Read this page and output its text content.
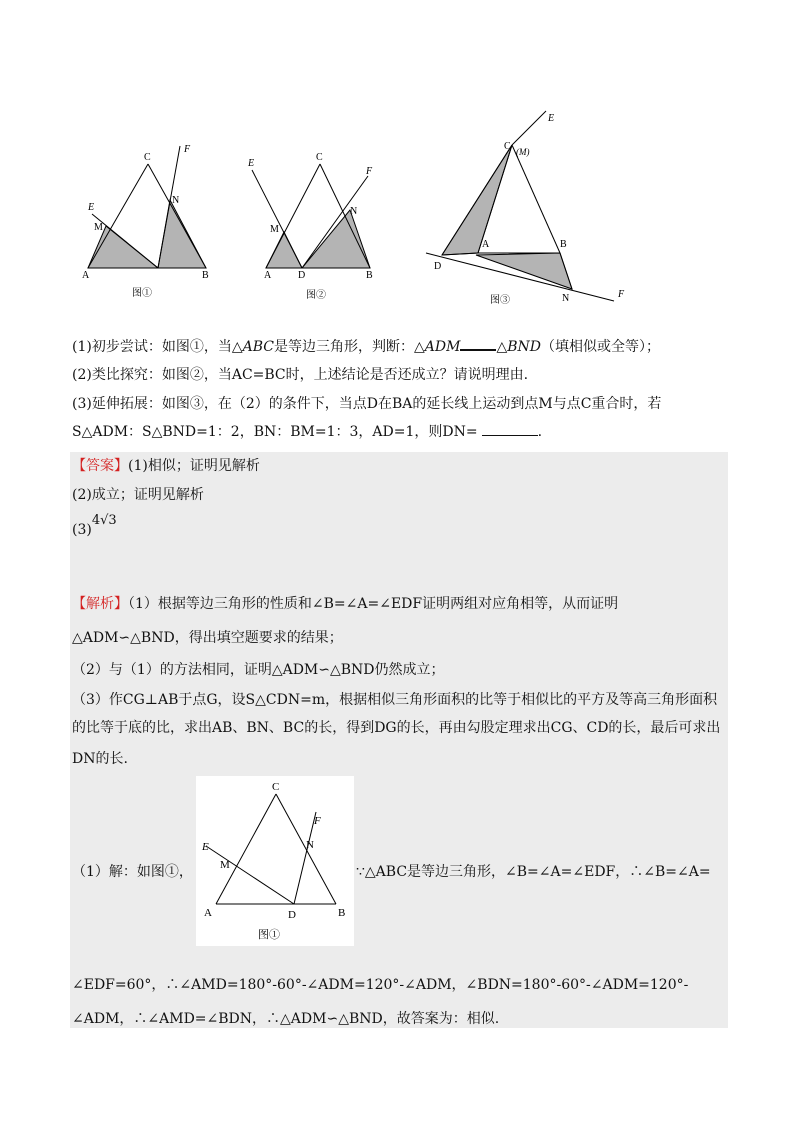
C
F
E
M
N
A	B
图①
C
F
E
M
N
A	D	B
图②
C (M)
E
A	B
D
N	F
图③
(1)初步尝试：如图①，当△ABC是等边三角形，判断：△ADM	△BND（填相似或全等）；
(2)类比探究：如图②，当AC=BC时，上述结论是否还成立？请说明理由.
(3)延伸拓展：如图③，在（2）的条件下，当点D在BA的延长线上运动到点M与点C重合时，若
S△ADM：S△BND=1：2，BN：BM=1：3，AD=1，则DN=	.
【答案】(1)相似；证明见解析
(2)成立；证明见解析
(3)4√3
【解析】（1）根据等边三角形的性质和∠B=∠A=∠EDF证明两组对应角相等，从而证明
△ADM∽△BND，得出填空题要求的结果；
（2）与（1）的方法相同，证明△ADM∽△BND仍然成立；
（3）作CG⊥AB于点G，设S△CDN=m，根据相似三角形面积的比等于相似比的平方及等高三角形面积
的比等于底的比，求出AB、BN、BC的长，得到DG的长，再由勾股定理求出CG、CD的长，最后可求出
DN的长.
C
F
E
M
N
A	D	B
图①
（1）解：如图①，	∵△ABC是等边三角形，∠B=∠A=∠EDF，∴∠B=∠A=
∠EDF=60°，∴∠AMD=180°-60°-∠ADM=120°-∠ADM，∠BDN=180°-60°-∠ADM=120°-
∠ADM，∴∠AMD=∠BDN，∴△ADM∽△BND，故答案为：相似.
